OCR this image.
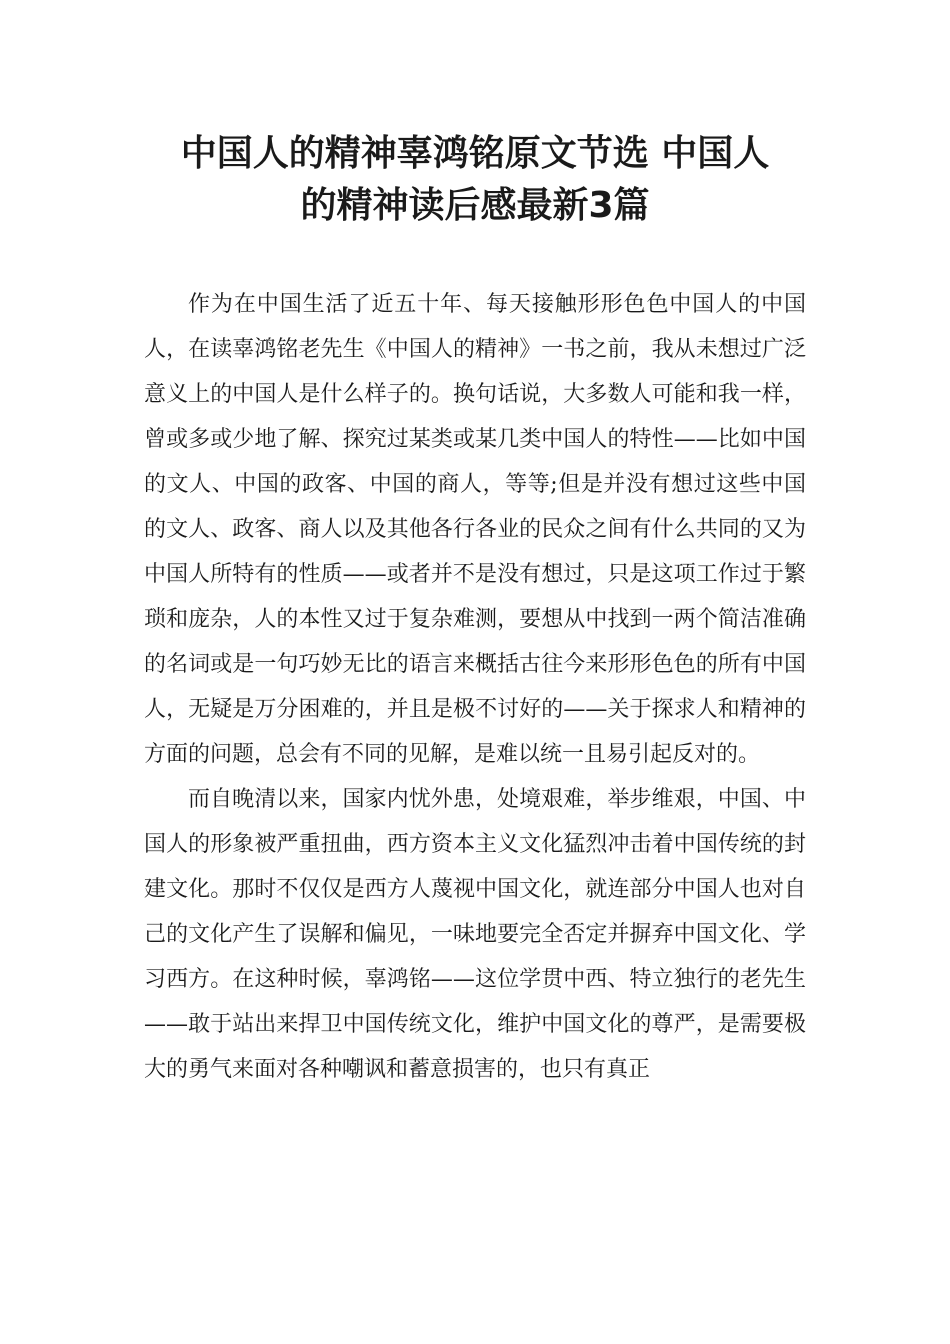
中国人的精神辜鸿铭原文节选 中国人
的精神读后感最新3篇

作为在中国生活了近五十年、每天接触形形色色中国人的中国人，在读辜鸿铭老先生《中国人的精神》一书之前，我从未想过广泛意义上的中国人是什么样子的。换句话说，大多数人可能和我一样，曾或多或少地了解、探究过某类或某几类中国人的特性——比如中国的文人、中国的政客、中国的商人，等等;但是并没有想过这些中国的文人、政客、商人以及其他各行各业的民众之间有什么共同的又为中国人所特有的性质——或者并不是没有想过，只是这项工作过于繁琐和庞杂，人的本性又过于复杂难测，要想从中找到一两个简洁准确的名词或是一句巧妙无比的语言来概括古往今来形形色色的所有中国人，无疑是万分困难的，并且是极不讨好的——关于探求人和精神的方面的问题，总会有不同的见解，是难以统一且易引起反对的。

而自晚清以来，国家内忧外患，处境艰难，举步维艰，中国、中国人的形象被严重扭曲，西方资本主义文化猛烈冲击着中国传统的封建文化。那时不仅仅是西方人蔑视中国文化，就连部分中国人也对自己的文化产生了误解和偏见，一味地要完全否定并摒弃中国文化、学习西方。在这种时候，辜鸿铭——这位学贯中西、特立独行的老先生——敢于站出来捍卫中国传统文化，维护中国文化的尊严，是需要极大的勇气来面对各种嘲讽和蓄意损害的，也只有真正
